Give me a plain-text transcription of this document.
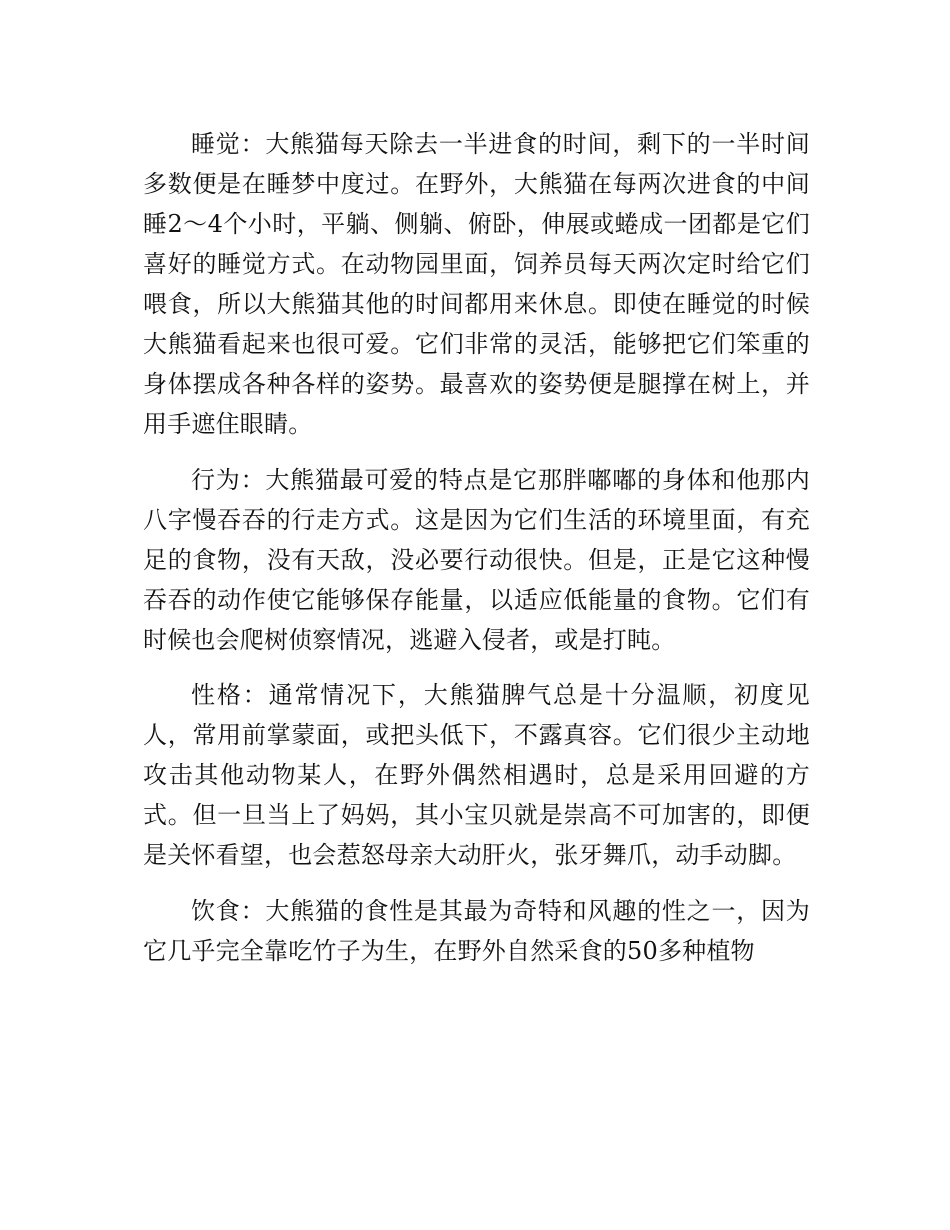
睡觉：大熊猫每天除去一半进食的时间，剩下的一半时间多数便是在睡梦中度过。在野外，大熊猫在每两次进食的中间睡2～4个小时，平躺、侧躺、俯卧，伸展或蜷成一团都是它们喜好的睡觉方式。在动物园里面，饲养员每天两次定时给它们喂食，所以大熊猫其他的时间都用来休息。即使在睡觉的时候大熊猫看起来也很可爱。它们非常的灵活，能够把它们笨重的身体摆成各种各样的姿势。最喜欢的姿势便是腿撑在树上，并用手遮住眼睛。

行为：大熊猫最可爱的特点是它那胖嘟嘟的身体和他那内八字慢吞吞的行走方式。这是因为它们生活的环境里面，有充足的食物，没有天敌，没必要行动很快。但是，正是它这种慢吞吞的动作使它能够保存能量，以适应低能量的食物。它们有时候也会爬树侦察情况，逃避入侵者，或是打盹。

性格：通常情况下，大熊猫脾气总是十分温顺，初度见人，常用前掌蒙面，或把头低下，不露真容。它们很少主动地攻击其他动物某人，在野外偶然相遇时，总是采用回避的方式。但一旦当上了妈妈，其小宝贝就是崇高不可加害的，即便是关怀看望，也会惹怒母亲大动肝火，张牙舞爪，动手动脚。

饮食：大熊猫的食性是其最为奇特和风趣的性之一，因为它几乎完全靠吃竹子为生，在野外自然采食的50多种植物
